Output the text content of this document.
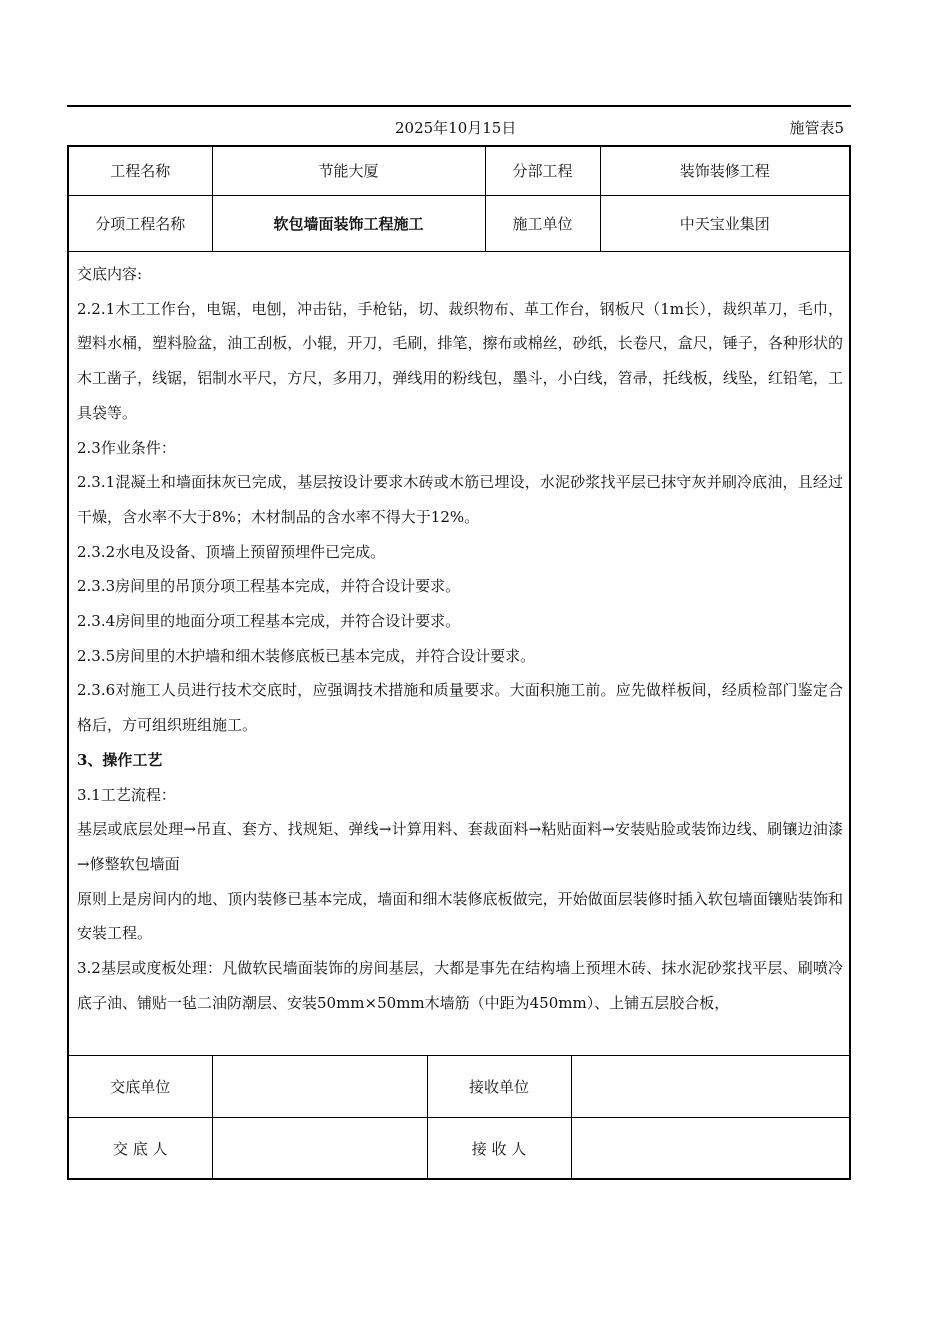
2025年10月15日	施管表5
工程名称	节能大厦	分部工程	装饰装修工程
分项工程名称	软包墙面装饰工程施工	施工单位	中天宝业集团

交底内容:

2.2.1木工工作台，电锯，电刨，冲击钻，手枪钻，切、裁织物布、革工作台，钢板尺（1m长），裁织革刀，毛巾，塑料水桶，塑料脸盆，油工刮板，小辊，开刀，毛刷，排笔，擦布或棉丝，砂纸，长卷尺，盒尺，锤子，各种形状的木工凿子，线锯，铝制水平尺，方尺，多用刀，弹线用的粉线包，墨斗，小白线，笤帚，托线板，线坠，红铅笔，工具袋等。

2.3作业条件：

2.3.1混凝土和墙面抹灰已完成，基层按设计要求木砖或木筋已埋设，水泥砂浆找平层已抹守灰并刷冷底油，且经过干燥，含水率不大于8%；木材制品的含水率不得大于12%。

2.3.2水电及设备、顶墙上预留预埋件已完成。

2.3.3房间里的吊顶分项工程基本完成，并符合设计要求。

2.3.4房间里的地面分项工程基本完成，并符合设计要求。

2.3.5房间里的木护墙和细木装修底板已基本完成，并符合设计要求。

2.3.6对施工人员进行技术交底时，应强调技术措施和质量要求。大面积施工前。应先做样板间，经质检部门鉴定合格后，方可组织班组施工。

3、操作工艺

3.1工艺流程：

基层或底层处理→吊直、套方、找规矩、弹线→计算用料、套裁面料→粘贴面料→安装贴脸或装饰边线、刷镶边油漆→修整软包墙面

原则上是房间内的地、顶内装修已基本完成，墙面和细木装修底板做完，开始做面层装修时插入软包墙面镶贴装饰和安装工程。

3.2基层或度板处理：凡做软民墙面装饰的房间基层，大都是事先在结构墙上预埋木砖、抹水泥砂浆找平层、刷喷冷底子油、铺贴一毡二油防潮层、安装50mm×50mm木墙筋（中距为450mm）、上铺五层胶合板，

交底单位		接收单位	
交 底 人		接 收 人	
